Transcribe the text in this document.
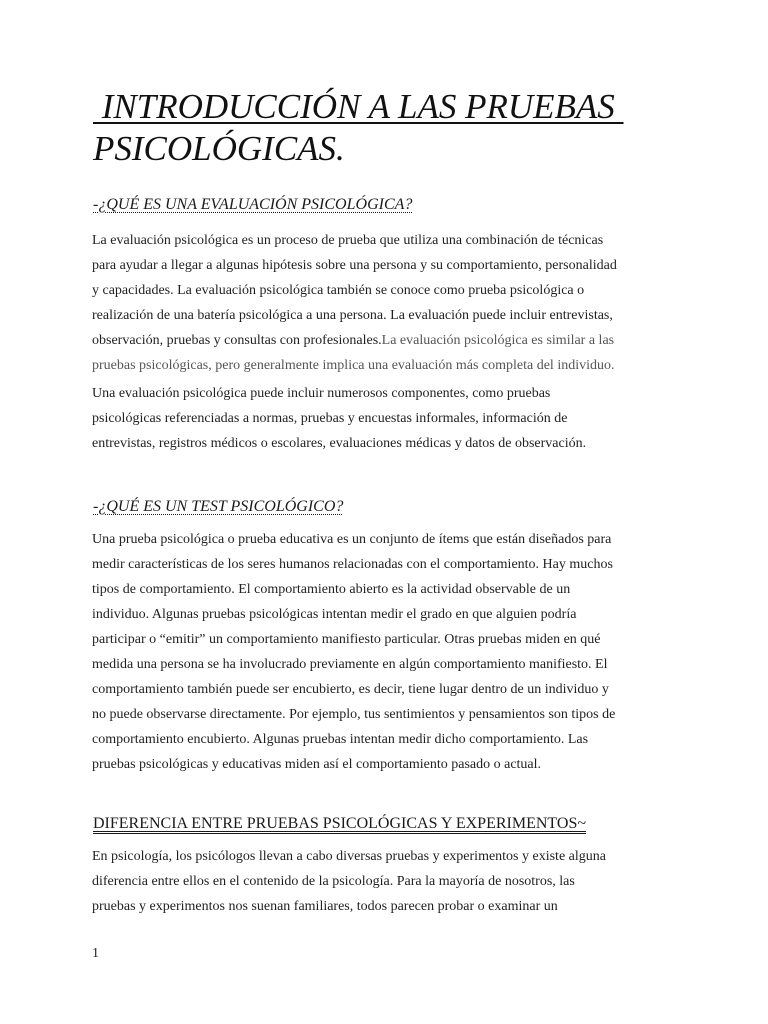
INTRODUCCIÓN A LAS PRUEBAS
PSICOLÓGICAS.
-¿QUÉ ES UNA EVALUACIÓN PSICOLÓGICA?
La evaluación psicológica es un proceso de prueba que utiliza una combinación de técnicas
para ayudar a llegar a algunas hipótesis sobre una persona y su comportamiento, personalidad
y capacidades. La evaluación psicológica también se conoce como prueba psicológica o
realización de una batería psicológica a una persona. La evaluación puede incluir entrevistas,
observación, pruebas y consultas con profesionales.La evaluación psicológica es similar a las
pruebas psicológicas, pero generalmente implica una evaluación más completa del individuo.
Una evaluación psicológica puede incluir numerosos componentes, como pruebas
psicológicas referenciadas a normas, pruebas y encuestas informales, información de
entrevistas, registros médicos o escolares, evaluaciones médicas y datos de observación.
-¿QUÉ ES UN TEST PSICOLÓGICO?
Una prueba psicológica o prueba educativa es un conjunto de ítems que están diseñados para
medir características de los seres humanos relacionadas con el comportamiento. Hay muchos
tipos de comportamiento. El comportamiento abierto es la actividad observable de un
individuo. Algunas pruebas psicológicas intentan medir el grado en que alguien podría
participar o “emitir” un comportamiento manifiesto particular. Otras pruebas miden en qué
medida una persona se ha involucrado previamente en algún comportamiento manifiesto. El
comportamiento también puede ser encubierto, es decir, tiene lugar dentro de un individuo y
no puede observarse directamente. Por ejemplo, tus sentimientos y pensamientos son tipos de
comportamiento encubierto. Algunas pruebas intentan medir dicho comportamiento. Las
pruebas psicológicas y educativas miden así el comportamiento pasado o actual.
DIFERENCIA ENTRE PRUEBAS PSICOLÓGICAS Y EXPERIMENTOS~
En psicología, los psicólogos llevan a cabo diversas pruebas y experimentos y existe alguna
diferencia entre ellos en el contenido de la psicología. Para la mayoría de nosotros, las
pruebas y experimentos nos suenan familiares, todos parecen probar o examinar un
1
